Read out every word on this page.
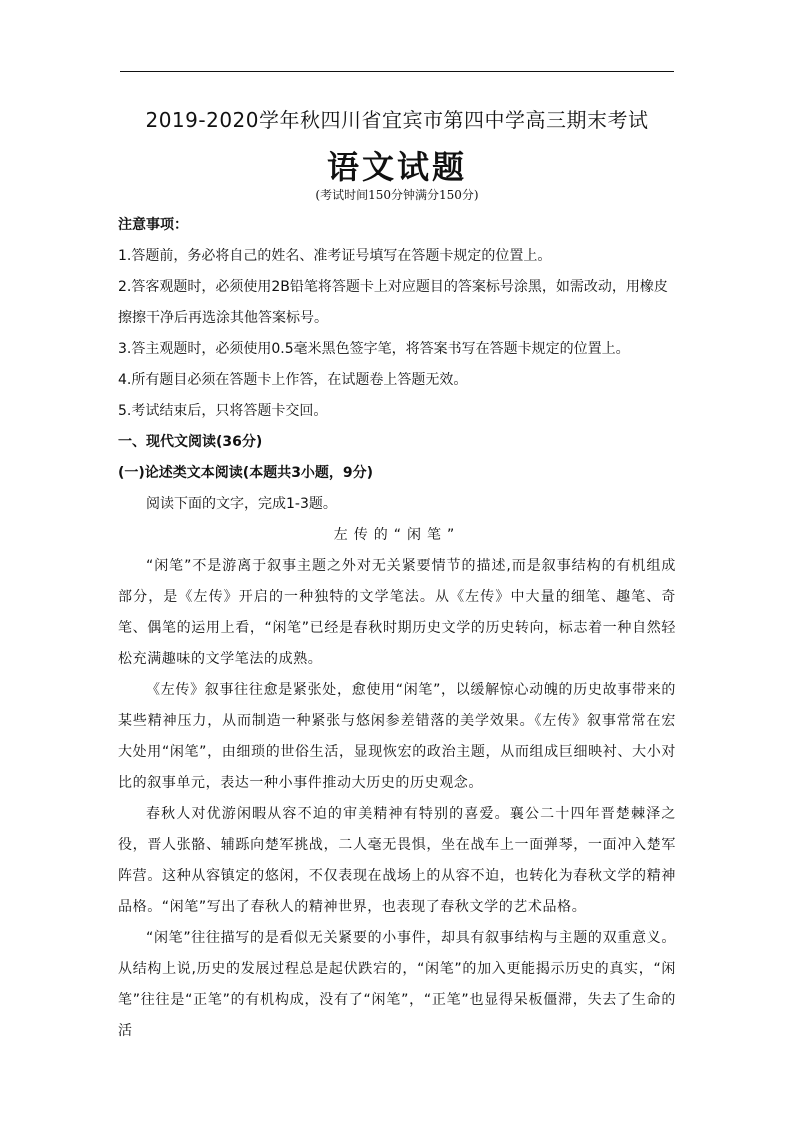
2019-2020学年秋四川省宜宾市第四中学高三期末考试
语文试题
(考试时间150分钟满分150分)

注意事项：

1.答题前，务必将自己的姓名、准考证号填写在答题卡规定的位置上。

2.答客观题时，必须使用2B铅笔将答题卡上对应题目的答案标号涂黑，如需改动，用橡皮擦擦干净后再选涂其他答案标号。

3.答主观题时，必须使用0.5毫米黑色签字笔，将答案书写在答题卡规定的位置上。

4.所有题目必须在答题卡上作答，在试题卷上答题无效。

5.考试结束后，只将答题卡交回。

一、现代文阅读(36分)

(一)论述类文本阅读(本题共3小题，9分)

阅读下面的文字，完成1-3题。

左传的“闲笔”

“闲笔”不是游离于叙事主题之外对无关紧要情节的描述,而是叙事结构的有机组成部分，是《左传》开启的一种独特的文学笔法。从《左传》中大量的细笔、趣笔、奇笔、偶笔的运用上看，“闲笔”已经是春秋时期历史文学的历史转向，标志着一种自然轻松充满趣味的文学笔法的成熟。

《左传》叙事往往愈是紧张处，愈使用“闲笔”，以缓解惊心动魄的历史故事带来的某些精神压力，从而制造一种紧张与悠闲参差错落的美学效果。《左传》叙事常常在宏大处用“闲笔”，由细琐的世俗生活，显现恢宏的政治主题，从而组成巨细映衬、大小对比的叙事单元，表达一种小事件推动大历史的历史观念。

春秋人对优游闲暇从容不迫的审美精神有特别的喜爱。襄公二十四年晋楚棘泽之役，晋人张骼、辅跞向楚军挑战，二人毫无畏惧，坐在战车上一面弹琴，一面冲入楚军阵营。这种从容镇定的悠闲，不仅表现在战场上的从容不迫，也转化为春秋文学的精神品格。“闲笔”写出了春秋人的精神世界，也表现了春秋文学的艺术品格。

“闲笔”往往描写的是看似无关紧要的小事件，却具有叙事结构与主题的双重意义。从结构上说,历史的发展过程总是起伏跌宕的，“闲笔”的加入更能揭示历史的真实，“闲笔”往往是“正笔”的有机构成，没有了“闲笔”，“正笔”也显得呆板僵滞，失去了生命的活
